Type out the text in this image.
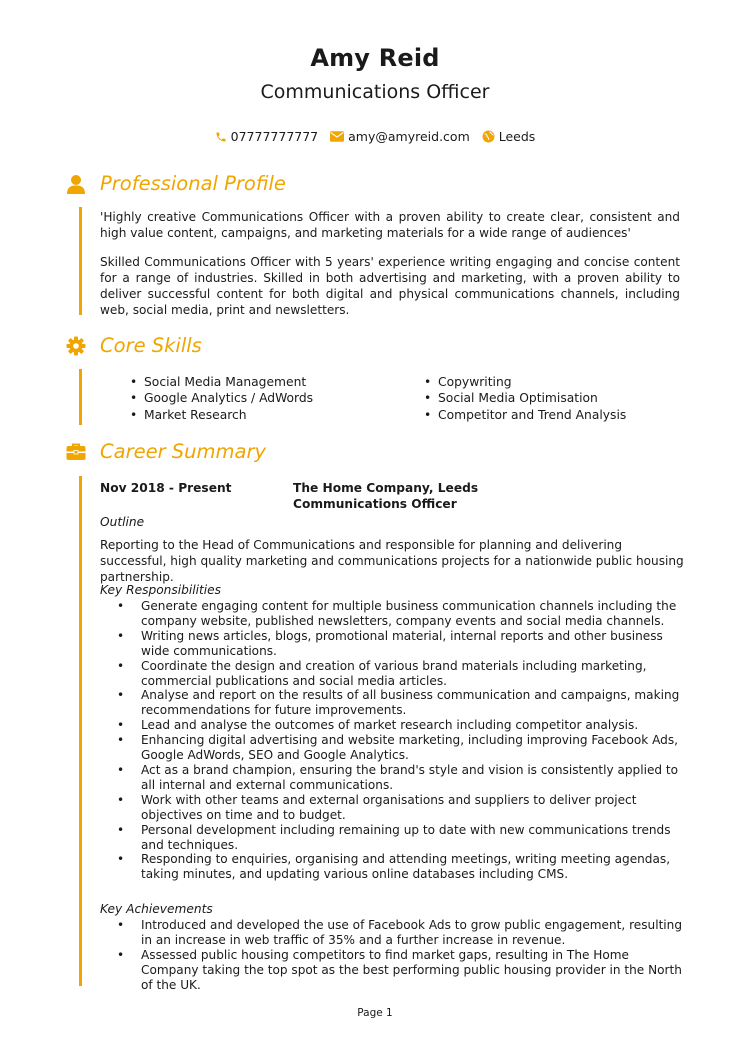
Amy Reid
Communications Officer
07777777777 amy@amyreid.com Leeds
Professional Profile

'Highly creative Communications Officer with a proven ability to create clear, consistent and high value content, campaigns, and marketing materials for a wide range of audiences'

Skilled Communications Officer with 5 years' experience writing engaging and concise content for a range of industries. Skilled in both advertising and marketing, with a proven ability to deliver successful content for both digital and physical communications channels, including web, social media, print and newsletters.

Core Skills
• Social Media Management
• Google Analytics / AdWords
• Market Research
• Copywriting
• Social Media Optimisation
• Competitor and Trend Analysis
Career Summary
Nov 2018 - Present	The Home Company, Leeds
Communications Officer
Outline

Reporting to the Head of Communications and responsible for planning and delivering successful, high quality marketing and communications projects for a nationwide public housing partnership.

Key Responsibilities
• Generate engaging content for multiple business communication channels including the company website, published newsletters, company events and social media channels.
• Writing news articles, blogs, promotional material, internal reports and other business wide communications.
• Coordinate the design and creation of various brand materials including marketing, commercial publications and social media articles.
• Analyse and report on the results of all business communication and campaigns, making recommendations for future improvements.
• Lead and analyse the outcomes of market research including competitor analysis.
• Enhancing digital advertising and website marketing, including improving Facebook Ads, Google AdWords, SEO and Google Analytics.
• Act as a brand champion, ensuring the brand's style and vision is consistently applied to all internal and external communications.
• Work with other teams and external organisations and suppliers to deliver project objectives on time and to budget.
• Personal development including remaining up to date with new communications trends and techniques.
• Responding to enquiries, organising and attending meetings, writing meeting agendas, taking minutes, and updating various online databases including CMS.
Key Achievements
• Introduced and developed the use of Facebook Ads to grow public engagement, resulting in an increase in web traffic of 35% and a further increase in revenue.
• Assessed public housing competitors to find market gaps, resulting in The Home Company taking the top spot as the best performing public housing provider in the North of the UK.
Page 1
